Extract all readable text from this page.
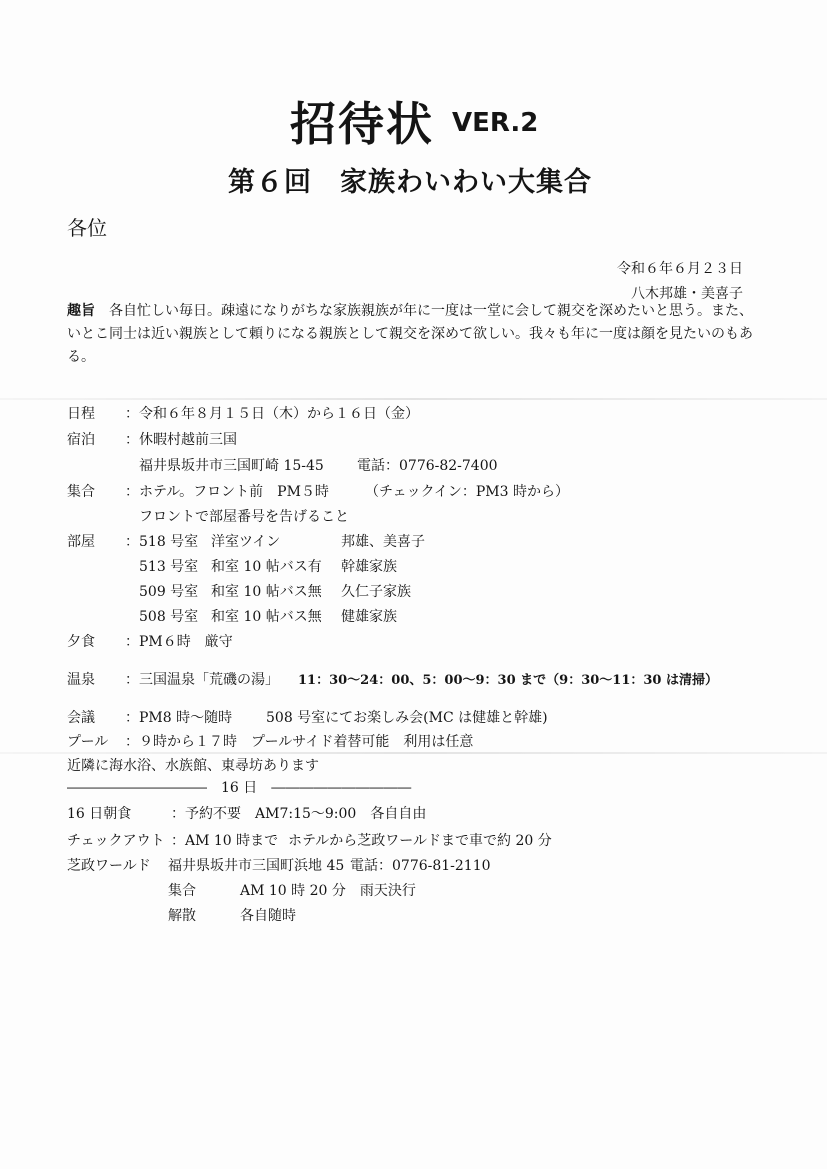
招待状 VER.2
第６回　家族わいわい大集合
各位
令和６年６月２３日
八木邦雄・美喜子
趣旨　各自忙しい毎日。疎遠になりがちな家族親族が年に一度は一堂に会して親交を深めたいと思う。また、いとこ同士は近い親族として頼りになる親族として親交を深めて欲しい。我々も年に一度は顔を見たいのもある。
日程 ：令和６年８月１５日（木）から１６日（金）
宿泊 ：休暇村越前三国
福井県坂井市三国町崎 15-45 電話：0776-82-7400
集合 ：ホテル。フロント前　PM５時	（チェックイン：PM3 時から）
フロントで部屋番号を告げること
部屋 ：518 号室 洋室ツイン	邦雄、美喜子
513 号室 和室 10 帖バス有 幹雄家族
509 号室 和室 10 帖バス無 久仁子家族
508 号室 和室 10 帖バス無 健雄家族
夕食 ：PM６時　厳守
温泉 ：三国温泉「荒磯の湯」 11：30～24：00、5：00～9：30 まで（9：30～11：30 は清掃）
会議 ：PM8 時～随時 508 号室にてお楽しみ会(MC は健雄と幹雄)
プール ：９時から１７時　プールサイド着替可能　利用は任意
近隣に海水浴、水族館、東尋坊あります
――――――――――　16 日　――――――――――
16 日朝食	：予約不要　AM7:15～9:00　各自自由
チェックアウト ：AM 10 時まで ホテルから芝政ワールドまで車で約 20 分
芝政ワールド 福井県坂井市三国町浜地 45 電話：0776-81-2110
集合	AM 10 時 20 分　雨天決行
解散	各自随時
